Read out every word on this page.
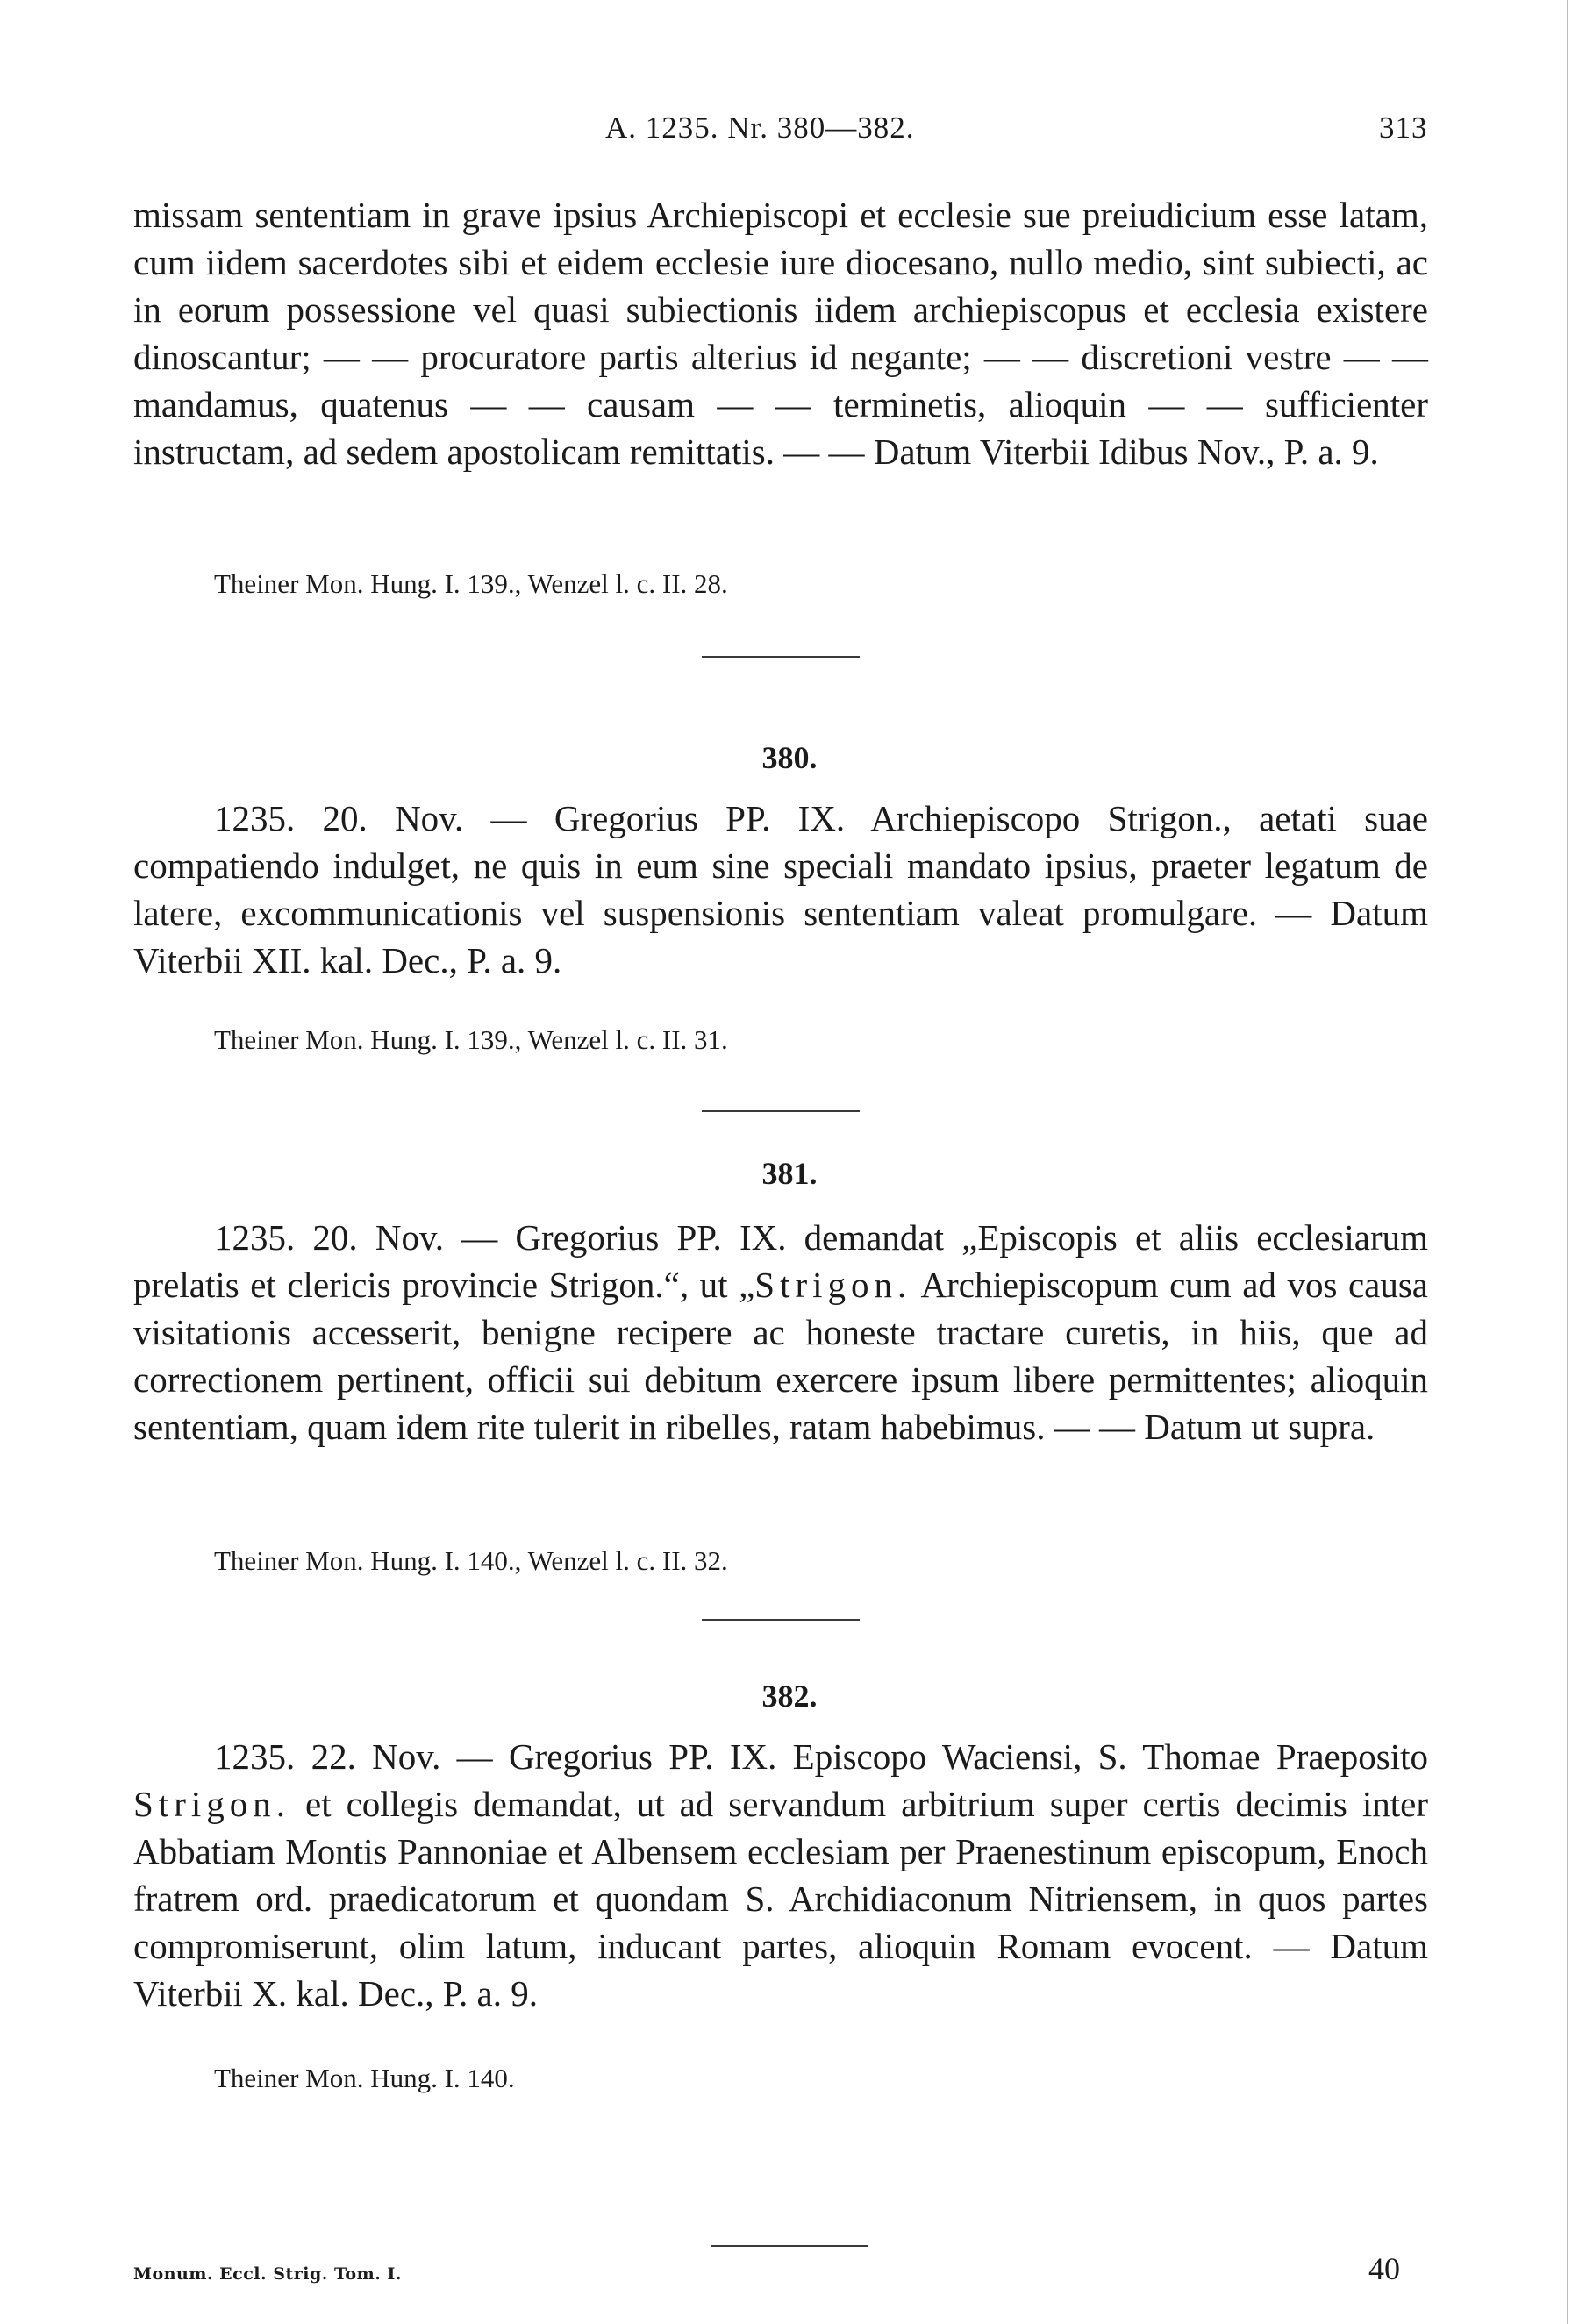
A. 1235. Nr. 380—382.	313

missam sententiam in grave ipsius Archiepiscopi et ecclesie sue preiudicium esse latam, cum iidem sacerdotes sibi et eidem ecclesie iure diocesano, nullo medio, sint subiecti, ac in eorum possessione vel quasi subiectionis iidem archiepiscopus et ecclesia existere dinoscantur; — — procuratore partis alterius id negante; — — discretioni vestre — — mandamus, quatenus — — causam — — terminetis, alioquin — — sufficienter instructam, ad sedem apostolicam remittatis. — — Datum Viterbii Idibus Nov., P. a. 9.

Theiner Mon. Hung. I. 139., Wenzel l. c. II. 28.

380.

1235. 20. Nov. — Gregorius PP. IX. Archiepiscopo Strigon., aetati suae compatiendo indulget, ne quis in eum sine speciali mandato ipsius, praeter legatum de latere, excommunicationis vel suspensionis sententiam valeat promulgare. — Datum Viterbii XII. kal. Dec., P. a. 9.

Theiner Mon. Hung. I. 139., Wenzel l. c. II. 31.

381.

1235. 20. Nov. — Gregorius PP. IX. demandat „Episcopis et aliis ecclesiarum prelatis et clericis provincie Strigon.“, ut „Strigon. Archiepiscopum cum ad vos causa visitationis accesserit, benigne recipere ac honeste tractare curetis, in hiis, que ad correctionem pertinent, officii sui debitum exercere ipsum libere permittentes; alioquin sententiam, quam idem rite tulerit in ribelles, ratam habebimus. — — Datum ut supra.

Theiner Mon. Hung. I. 140., Wenzel l. c. II. 32.

382.

1235. 22. Nov. — Gregorius PP. IX. Episcopo Waciensi, S. Thomae Praeposito Strigon. et collegis demandat, ut ad servandum arbitrium super certis decimis inter Abbatiam Montis Pannoniae et Albensem ecclesiam per Praenestinum episcopum, Enoch fratrem ord. praedicatorum et quondam S. Archidiaconum Nitriensem, in quos partes compromiserunt, olim latum, inducant partes, alioquin Romam evocent. — Datum Viterbii X. kal. Dec., P. a. 9.

Theiner Mon. Hung. I. 140.

Monum. Eccl. Strig. Tom. I.	40
